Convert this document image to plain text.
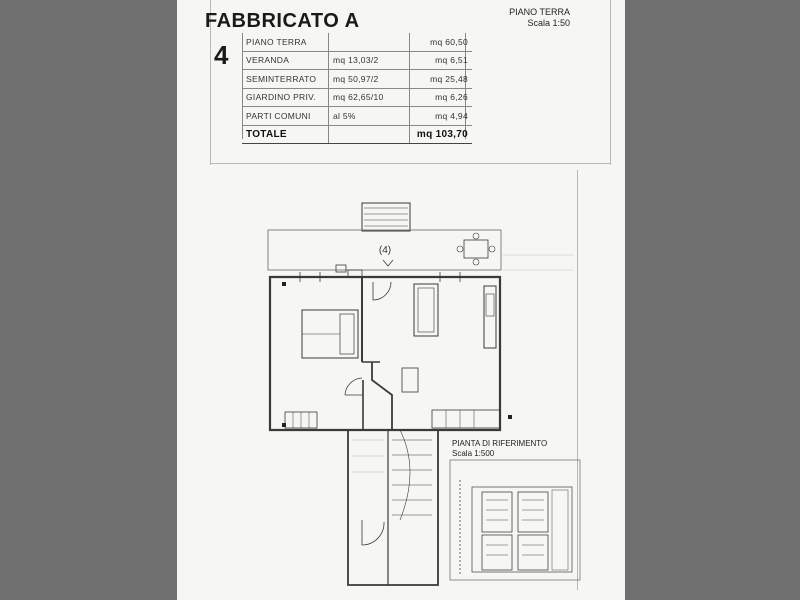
FABBRICATO A
4
PIANO TERRA
Scala 1:50
PIANO TERRA		mq 60,50
VERANDA	mq 13,03/2	mq 6,51
SEMINTERRATO	mq 50,97/2	mq 25,48
GIARDINO PRIV.	mq 62,65/10	mq 6,26
PARTI COMUNI	al 5%	mq 4,94
TOTALE		mq 103,70
(4)
PIANTA DI RIFERIMENTO
Scala 1:500
